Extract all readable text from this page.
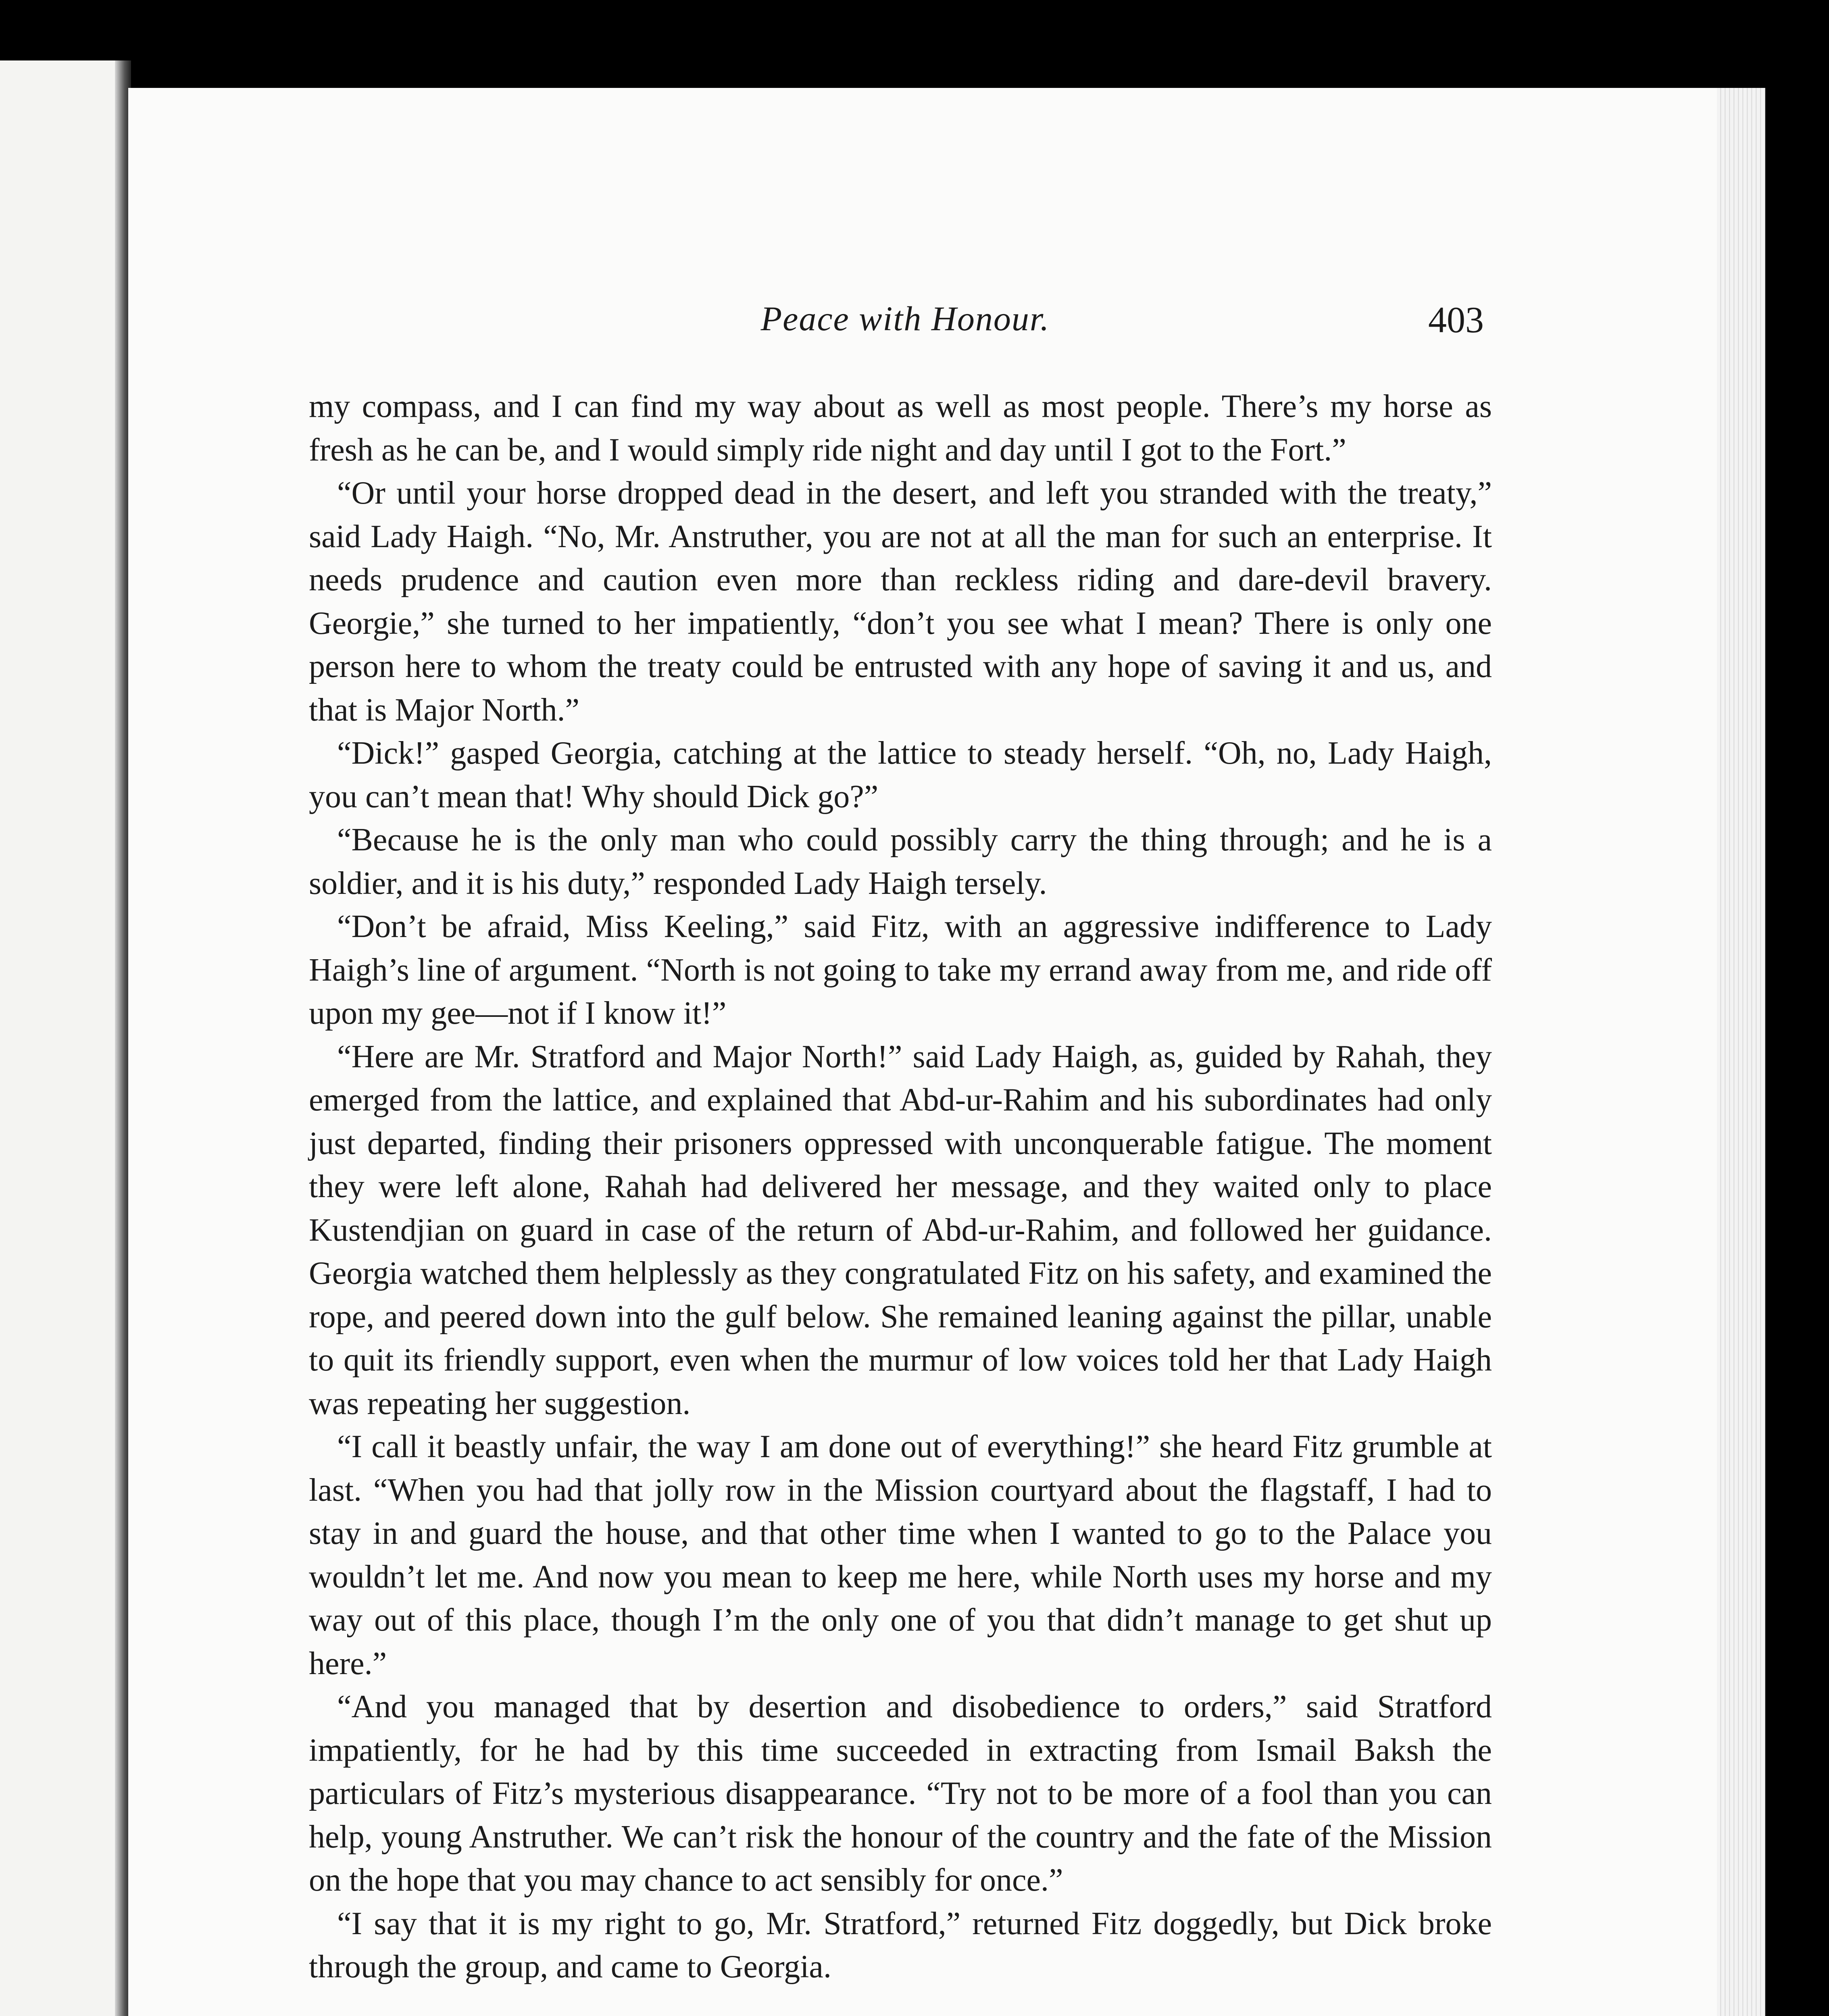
Peace with Honour.	403

my compass, and I can find my way about as well as most people. There’s my horse as fresh as he can be, and I would simply ride night and day until I got to the Fort.”

“Or until your horse dropped dead in the desert, and left you stranded with the treaty,” said Lady Haigh. “No, Mr. Anstruther, you are not at all the man for such an enterprise. It needs prudence and caution even more than reckless riding and dare-devil bravery. Georgie,” she turned to her impatiently, “don’t you see what I mean? There is only one person here to whom the treaty could be entrusted with any hope of saving it and us, and that is Major North.”

“Dick!” gasped Georgia, catching at the lattice to steady herself. “Oh, no, Lady Haigh, you can’t mean that! Why should Dick go?”

“Because he is the only man who could possibly carry the thing through; and he is a soldier, and it is his duty,” responded Lady Haigh tersely.

“Don’t be afraid, Miss Keeling,” said Fitz, with an aggressive indifference to Lady Haigh’s line of argument. “North is not going to take my errand away from me, and ride off upon my gee—not if I know it!”

“Here are Mr. Stratford and Major North!” said Lady Haigh, as, guided by Rahah, they emerged from the lattice, and explained that Abd-ur-Rahim and his subordinates had only just departed, finding their prisoners oppressed with unconquerable fatigue. The moment they were left alone, Rahah had delivered her message, and they waited only to place Kustendjian on guard in case of the return of Abd-ur-Rahim, and followed her guidance. Georgia watched them helplessly as they congratulated Fitz on his safety, and examined the rope, and peered down into the gulf below. She remained leaning against the pillar, unable to quit its friendly support, even when the murmur of low voices told her that Lady Haigh was repeating her suggestion.

“I call it beastly unfair, the way I am done out of everything!” she heard Fitz grumble at last. “When you had that jolly row in the Mission courtyard about the flagstaff, I had to stay in and guard the house, and that other time when I wanted to go to the Palace you wouldn’t let me. And now you mean to keep me here, while North uses my horse and my way out of this place, though I’m the only one of you that didn’t manage to get shut up here.”

“And you managed that by desertion and disobedience to orders,” said Stratford impatiently, for he had by this time succeeded in extracting from Ismail Baksh the particulars of Fitz’s mysterious disappearance. “Try not to be more of a fool than you can help, young Anstruther. We can’t risk the honour of the country and the fate of the Mission on the hope that you may chance to act sensibly for once.”

“I say that it is my right to go, Mr. Stratford,” returned Fitz doggedly, but Dick broke through the group, and came to Georgia.
